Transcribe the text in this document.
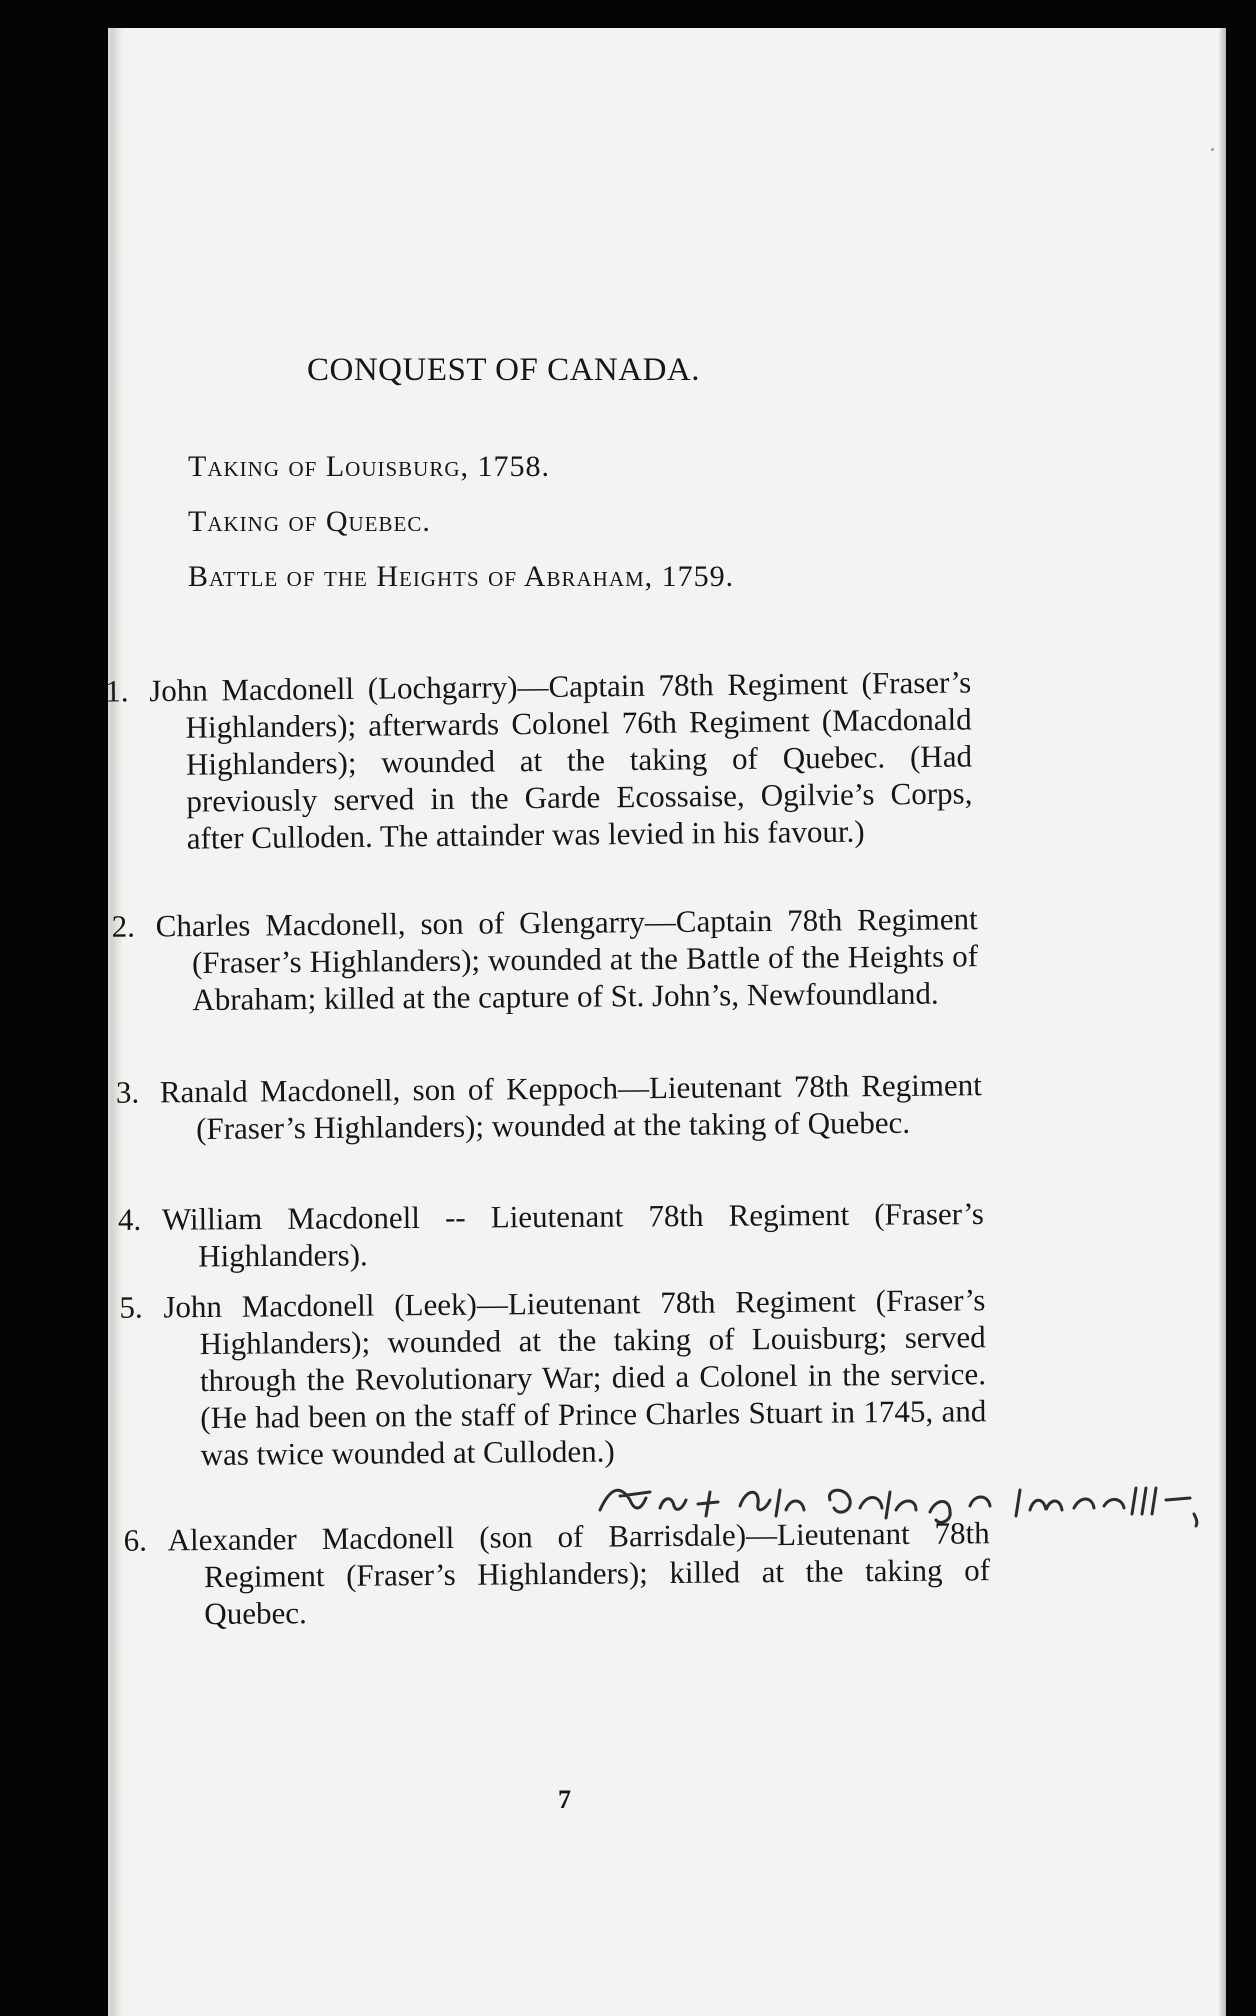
CONQUEST OF CANADA.
Taking of Louisburg, 1758.
Taking of Quebec.
Battle of the Heights of Abraham, 1759.
1. John Macdonell (Lochgarry)—Captain 78th Regiment (Fraser’s Highlanders); afterwards Colonel 76th Regiment (Macdonald Highlanders); wounded at the taking of Quebec. (Had previously served in the Garde Ecossaise, Ogilvie’s Corps, after Culloden. The attainder was levied in his favour.)
2. Charles Macdonell, son of Glengarry—Captain 78th Regiment (Fraser’s Highlanders); wounded at the Battle of the Heights of Abraham; killed at the capture of St. John’s, Newfoundland.
3. Ranald Macdonell, son of Keppoch—Lieutenant 78th Regiment (Fraser’s Highlanders); wounded at the taking of Quebec.
4. William Macdonell -- Lieutenant 78th Regiment (Fraser’s Highlanders).
5. John Macdonell (Leek)—Lieutenant 78th Regiment (Fraser’s Highlanders); wounded at the taking of Louisburg; served through the Revolutionary War; died a Colonel in the service. (He had been on the staff of Prince Charles Stuart in 1745, and was twice wounded at Culloden.)
6. Alexander Macdonell (son of Barrisdale)—Lieutenant 78th Regiment (Fraser’s Highlanders); killed at the taking of Quebec.
7
